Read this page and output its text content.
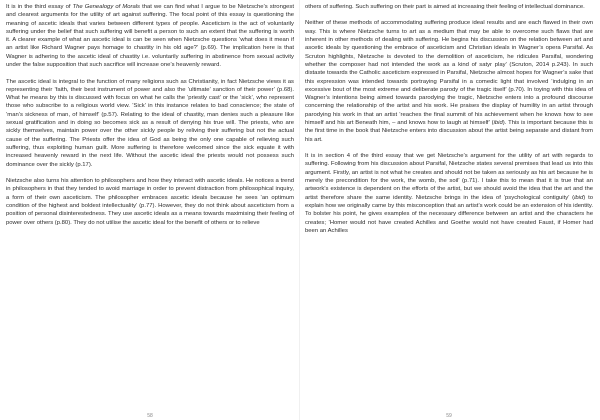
It is in the third essay of The Genealogy of Morals that we can find what I argue to be Nietzsche’s strongest and clearest arguments for the utility of art against suffering. The focal point of this essay is questioning the meaning of ascetic ideals that varies between different types of people. Asceticism is the act of voluntarily suffering under the belief that such suffering will benefit a person to such an extent that the suffering is worth it. A clearer example of what an ascetic ideal is can be seen when Nietzsche questions ‘what does it mean if an artist like Richard Wagner pays homage to chastity in his old age?’ (p.69). The implication here is that Wagner is adhering to the ascetic ideal of chastity i.e. voluntarily suffering in abstinence from sexual activity under the false supposition that such sacrifice will increase one’s heavenly reward.

The ascetic ideal is integral to the function of many religions such as Christianity, in fact Nietzsche views it as representing their ‘faith, their best instrument of power and also the ‘ultimate’ sanction of their power’ (p.68). What he means by this is discussed with focus on what he calls the ‘priestly cast’ or the ‘sick’, who represent those who subscribe to a religious world view. ‘Sick’ in this instance relates to bad conscience; the state of ‘man’s sickness of man, of himself’ (p.57). Relating to the ideal of chastity, man denies such a pleasure like sexual gratification and in doing so becomes sick as a result of denying his true will. The priests, who are sickly themselves, maintain power over the other sickly people by reliving their suffering but not the actual cause of the suffering. The Priests offer the idea of God as being the only one capable of relieving such suffering, thus exploiting human guilt. More suffering is therefore welcomed since the sick equate it with increased heavenly reward in the next life. Without the ascetic ideal the priests would not possess such dominance over the sickly (p.17).

Nietzsche also turns his attention to philosophers and how they interact with ascetic ideals. He notices a trend in philosophers in that they tended to avoid marriage in order to prevent distraction from philosophical inquiry, a form of their own asceticism. The philosopher embraces ascetic ideals because he sees ‘an optimum condition of the highest and boldest intellectuality’ (p.77). However, they do not think about asceticism from a position of personal disinterestedness. They use ascetic ideals as a means towards maximising their feeling of power over others (p.80). They do not utilise the ascetic ideal for the benefit of others or to relieve

58

others of suffering. Such suffering on their part is aimed at increasing their feeling of intellectual dominance.

Neither of these methods of accommodating suffering produce ideal results and are each flawed in their own way. This is where Nietzsche turns to art as a medium that may be able to overcome such flaws that are inherent in other methods of dealing with suffering. He begins his discussion on the relation between art and ascetic ideals by questioning the embrace of asceticism and Christian ideals in Wagner’s opera Parsifal. As Scruton highlights, Nietzsche is devoted to the demolition of asceticism, he ridicules Parsifal, wondering whether the composer had not intended the work as a kind of satyr play’ (Scruton, 2014 p.243). In such distaste towards the Catholic asceticism expressed in Parsifal, Nietzsche almost hopes for Wagner’s sake that this expression was intended towards portraying Parsifal in a comedic light that involved ‘indulging in an excessive bout of the most extreme and deliberate parody of the tragic itself’ (p.70). In toying with this idea of Wagner’s intentions being aimed towards parodying the tragic, Nietzsche enters into a profound discourse concerning the relationship of the artist and his work. He praises the display of humility in an artist through parodying his work in that an artist ‘reaches the final summit of his achievement when he knows how to see himself and his art Beneath him, – and knows how to laugh at himself’ (ibid). This is important because this is the first time in the book that Nietzsche enters into discussion about the artist being separate and distant from his art.

It is in section 4 of the third essay that we get Nietzsche’s argument for the utility of art with regards to suffering. Following from his discussion about Parsifal, Nietzsche states several premises that lead us into this argument. Firstly, an artist is not what he creates and should not be taken as seriously as his art because he is merely the precondition for the work, the womb, the soil’ (p.71). I take this to mean that it is true that an artwork’s existence is dependent on the efforts of the artist, but we should avoid the idea that the art and the artist therefore share the same identity. Nietzsche brings in the idea of ‘psychological contiguity’ (ibid) to explain how we originally came by this misconception that an artist’s work could be an extension of his identity. To bolster his point, he gives examples of the necessary difference between an artist and the characters he creates; ‘Homer would not have created Achilles and Goethe would not have created Faust, if Homer had been an Achilles

59
